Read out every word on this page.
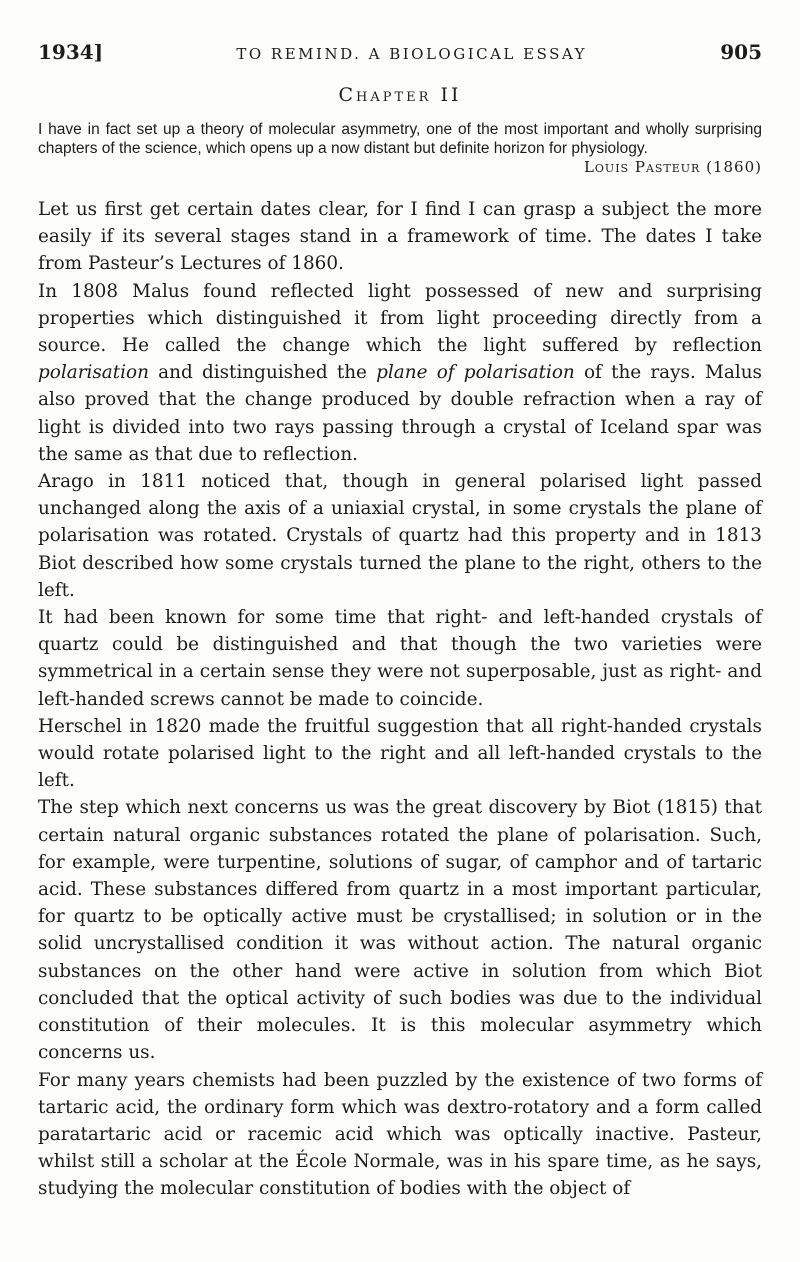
1934]	TO REMIND. A BIOLOGICAL ESSAY	905
Chapter II
I have in fact set up a theory of molecular asymmetry, one of the most important and wholly surprising chapters of the science, which opens up a now distant but definite horizon for physiology.
Louis Pasteur (1860)

Let us first get certain dates clear, for I find I can grasp a subject the more easily if its several stages stand in a framework of time. The dates I take from Pasteur’s Lectures of 1860.

In 1808 Malus found reflected light possessed of new and surprising properties which distinguished it from light proceeding directly from a source. He called the change which the light suffered by reflection polarisation and distinguished the plane of polarisation of the rays. Malus also proved that the change produced by double refraction when a ray of light is divided into two rays passing through a crystal of Iceland spar was the same as that due to reflection.

Arago in 1811 noticed that, though in general polarised light passed unchanged along the axis of a uniaxial crystal, in some crystals the plane of polarisation was rotated. Crystals of quartz had this property and in 1813 Biot described how some crystals turned the plane to the right, others to the left.

It had been known for some time that right- and left-handed crystals of quartz could be distinguished and that though the two varieties were symmetrical in a certain sense they were not superposable, just as right- and left-handed screws cannot be made to coincide.

Herschel in 1820 made the fruitful suggestion that all right-handed crystals would rotate polarised light to the right and all left-handed crystals to the left.

The step which next concerns us was the great discovery by Biot (1815) that certain natural organic substances rotated the plane of polarisation. Such, for example, were turpentine, solutions of sugar, of camphor and of tartaric acid. These substances differed from quartz in a most important particular, for quartz to be optically active must be crystallised; in solution or in the solid uncrystallised condition it was without action. The natural organic substances on the other hand were active in solution from which Biot concluded that the optical activity of such bodies was due to the individual constitution of their molecules. It is this molecular asymmetry which concerns us.

For many years chemists had been puzzled by the existence of two forms of tartaric acid, the ordinary form which was dextro-rotatory and a form called paratartaric acid or racemic acid which was optically inactive. Pasteur, whilst still a scholar at the École Normale, was in his spare time, as he says, studying the molecular constitution of bodies with the object of
